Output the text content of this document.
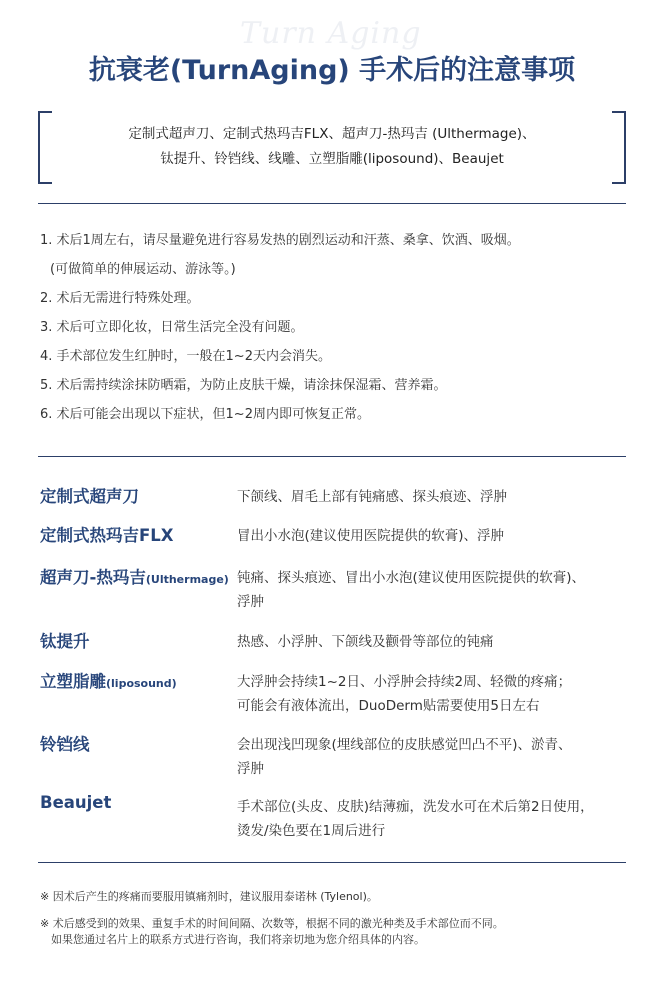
Turn Aging
抗衰老(TurnAging) 手术后的注意事项
定制式超声刀、定制式热玛吉FLX、超声刀-热玛吉 (Ulthermage)、
钛提升、铃铛线、线雕、立塑脂雕(liposound)、Beaujet
1. 术后1周左右，请尽量避免进行容易发热的剧烈运动和汗蒸、桑拿、饮酒、吸烟。
(可做简单的伸展运动、游泳等。)
2. 术后无需进行特殊处理。
3. 术后可立即化妆，日常生活完全没有问题。
4. 手术部位发生红肿时，一般在1~2天内会消失。
5. 术后需持续涂抹防晒霜，为防止皮肤干燥，请涂抹保湿霜、营养霜。
6. 术后可能会出现以下症状，但1~2周内即可恢复正常。
定制式超声刀	下颌线、眉毛上部有钝痛感、探头痕迹、浮肿
定制式热玛吉FLX	冒出小水泡(建议使用医院提供的软膏)、浮肿
超声刀-热玛吉(Ulthermage) 钝痛、探头痕迹、冒出小水泡(建议使用医院提供的软膏)、
浮肿
钛提升	热感、小浮肿、下颌线及颧骨等部位的钝痛
立塑脂雕(liposound)	大浮肿会持续1~2日、小浮肿会持续2周、轻微的疼痛；
可能会有液体流出，DuoDerm贴需要使用5日左右
铃铛线	会出现浅凹现象(埋线部位的皮肤感觉凹凸不平)、淤青、
浮肿
Beaujet	手术部位(头皮、皮肤)结薄痂，洗发水可在术后第2日使用，
烫发/染色要在1周后进行
※ 因术后产生的疼痛而要服用镇痛剂时，建议服用泰诺林 (Tylenol)。
※ 术后感受到的效果、重复手术的时间间隔、次数等，根据不同的激光种类及手术部位而不同。
如果您通过名片上的联系方式进行咨询，我们将亲切地为您介绍具体的内容。
